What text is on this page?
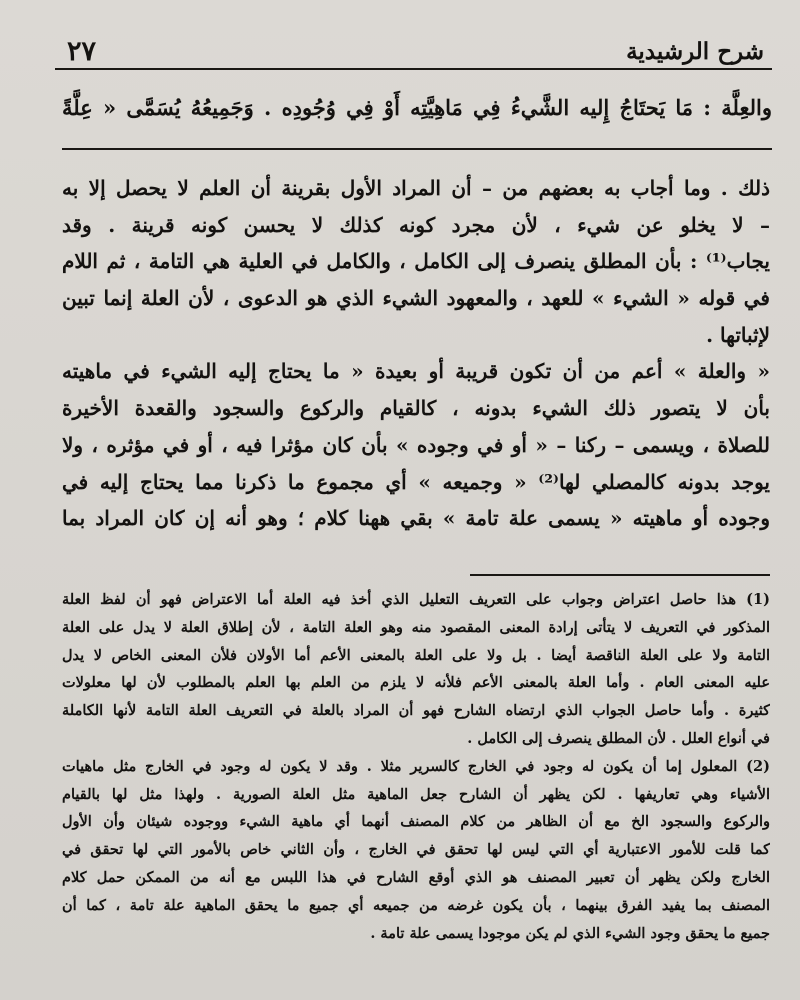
٢٧	شرح الرشيدية
والعِلَّة : مَا يَحتَاجُ إِليه الشَّيءُ فِي مَاهِيَّتِه أَوْ فِي وُجُودِه . وَجَمِيعُهُ يُسَمَّى « عِلَّةً
ذلك . وما أجاب به بعضهم من – أن المراد الأول بقرينة أن العلم لا يحصل إلا به
– لا يخلو عن شيء ، لأن مجرد كونه كذلك لا يحسن كونه قرينة . وقد
يجاب⁽¹⁾ : بأن المطلق ينصرف إلى الكامل ، والكامل في العلية هي التامة ، ثم اللام
في قوله « الشيء » للعهد ، والمعهود الشيء الذي هو الدعوى ، لأن العلة إنما تبين
لإثباتها .
« والعلة » أعم من أن تكون قريبة أو بعيدة « ما يحتاج إليه الشيء في ماهيته
بأن لا يتصور ذلك الشيء بدونه ، كالقيام والركوع والسجود والقعدة الأخيرة
للصلاة ، ويسمى – ركنا – « أو في وجوده » بأن كان مؤثرا فيه ، أو في مؤثره ، ولا
يوجد بدونه كالمصلي لها⁽²⁾ « وجميعه » أي مجموع ما ذكرنا مما يحتاج إليه في
وجوده أو ماهيته « يسمى علة تامة » بقي ههنا كلام ؛ وهو أنه إن كان المراد بما
(1) هذا حاصل اعتراض وجواب على التعريف التعليل الذي أخذ فيه العلة أما الاعتراض فهو أن لفظ العلة
المذكور في التعريف لا يتأتى إرادة المعنى المقصود منه وهو العلة التامة ، لأن إطلاق العلة لا يدل على العلة
التامة ولا على العلة الناقصة أيضا . بل ولا على العلة بالمعنى الأعم أما الأولان فلأن المعنى الخاص لا يدل
عليه المعنى العام . وأما العلة بالمعنى الأعم فلأنه لا يلزم من العلم بها العلم بالمطلوب لأن لها معلولات
كثيرة . وأما حاصل الجواب الذي ارتضاه الشارح فهو أن المراد بالعلة في التعريف العلة التامة لأنها الكاملة
في أنواع العلل . لأن المطلق ينصرف إلى الكامل .
(2) المعلول إما أن يكون له وجود في الخارج كالسرير مثلا . وقد لا يكون له وجود في الخارج مثل ماهيات
الأشياء وهي تعاريفها . لكن يظهر أن الشارح جعل الماهية مثل العلة الصورية . ولهذا مثل لها بالقيام
والركوع والسجود الخ مع أن الظاهر من كلام المصنف أنهما أي ماهية الشيء ووجوده شيئان وأن الأول
كما قلت للأمور الاعتبارية أي التي ليس لها تحقق في الخارج ، وأن الثاني خاص بالأمور التي لها تحقق في
الخارج ولكن يظهر أن تعبير المصنف هو الذي أوقع الشارح في هذا اللبس مع أنه من الممكن حمل كلام
المصنف بما يفيد الفرق بينهما ، بأن يكون غرضه من جميعه أي جميع ما يحقق الماهية علة تامة ، كما أن
جميع ما يحقق وجود الشيء الذي لم يكن موجودا يسمى علة تامة .
